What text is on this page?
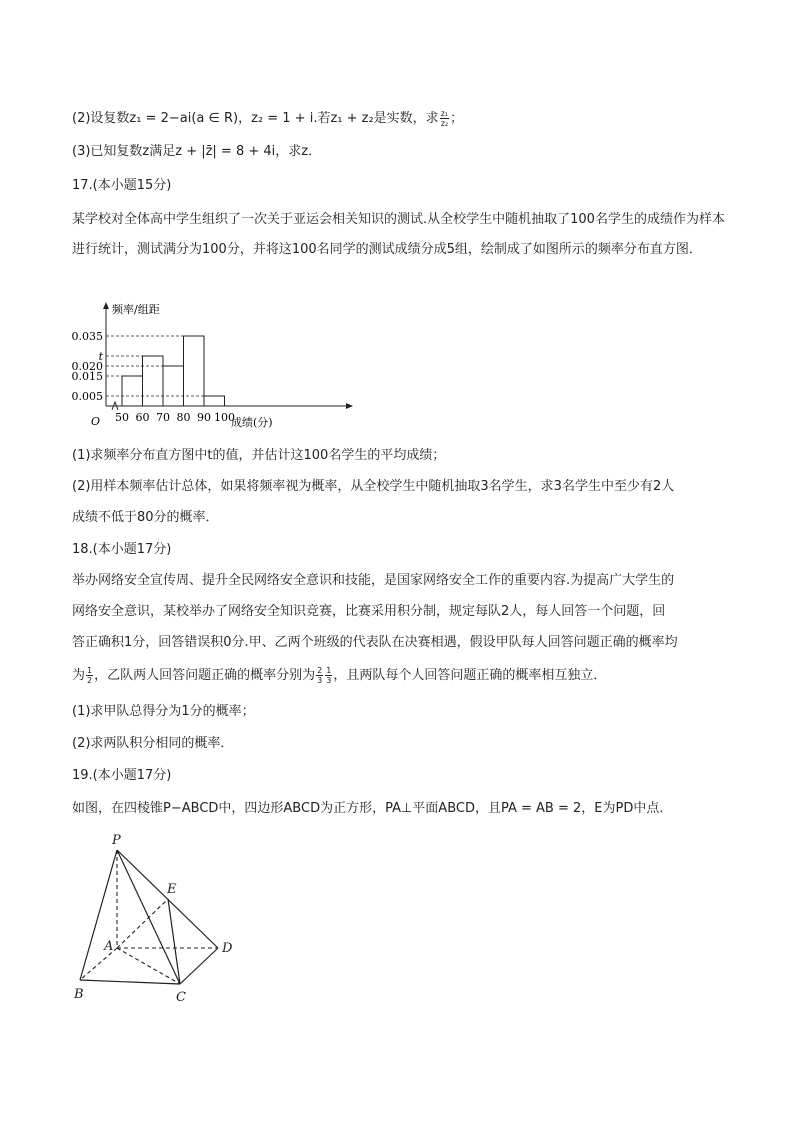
(2)设复数z₁ = 2−ai(a ∈ R)，z₂ = 1 + i.若z₁ + z₂是实数，求 $\frac{\text{z₁}}{\text{z₂}}$ ；
(3)已知复数z满足z + |z̄| = 8 + 4i，求z．
17.(本小题15分)
某学校对全体高中学生组织了一次关于亚运会相关知识的测试.从全校学生中随机抽取了100名学生的成绩作为样本进行统计，测试满分为100分，并将这100名同学的测试成绩分成5组，绘制成了如图所示的频率分布直方图．
0.035
t
0.020
0.015
0.005
50 60 70 80 90 100
频率/组距
成绩(分)
O
(1)求频率分布直方图中t的值，并估计这100名学生的平均成绩；
(2)用样本频率估计总体，如果将频率视为概率，从全校学生中随机抽取3名学生，求3名学生中至少有2人
成绩不低于80分的概率．
18.(本小题17分)
举办网络安全宣传周、提升全民网络安全意识和技能，是国家网络安全工作的重要内容.为提高广大学生的
网络安全意识，某校举办了网络安全知识竞赛，比赛采用积分制，规定每队2人，每人回答一个问题，回
答正确积1分，回答错误积0分.甲、乙两个班级的代表队在决赛相遇，假设甲队每人回答问题正确的概率均
为 $\frac{1}{2}$ ，乙队两人回答问题正确的概率分别为 $\frac{2}{3} \frac{1}{3}$ ，且两队每个人回答问题正确的概率相互独立．
(1)求甲队总得分为1分的概率；
(2)求两队积分相同的概率．
19.(本小题17分)
如图，在四棱锥P−ABCD中，四边形ABCD为正方形，PA⊥平面ABCD，且PA = AB = 2，E为PD中点．
P
E
A	D
B	C
